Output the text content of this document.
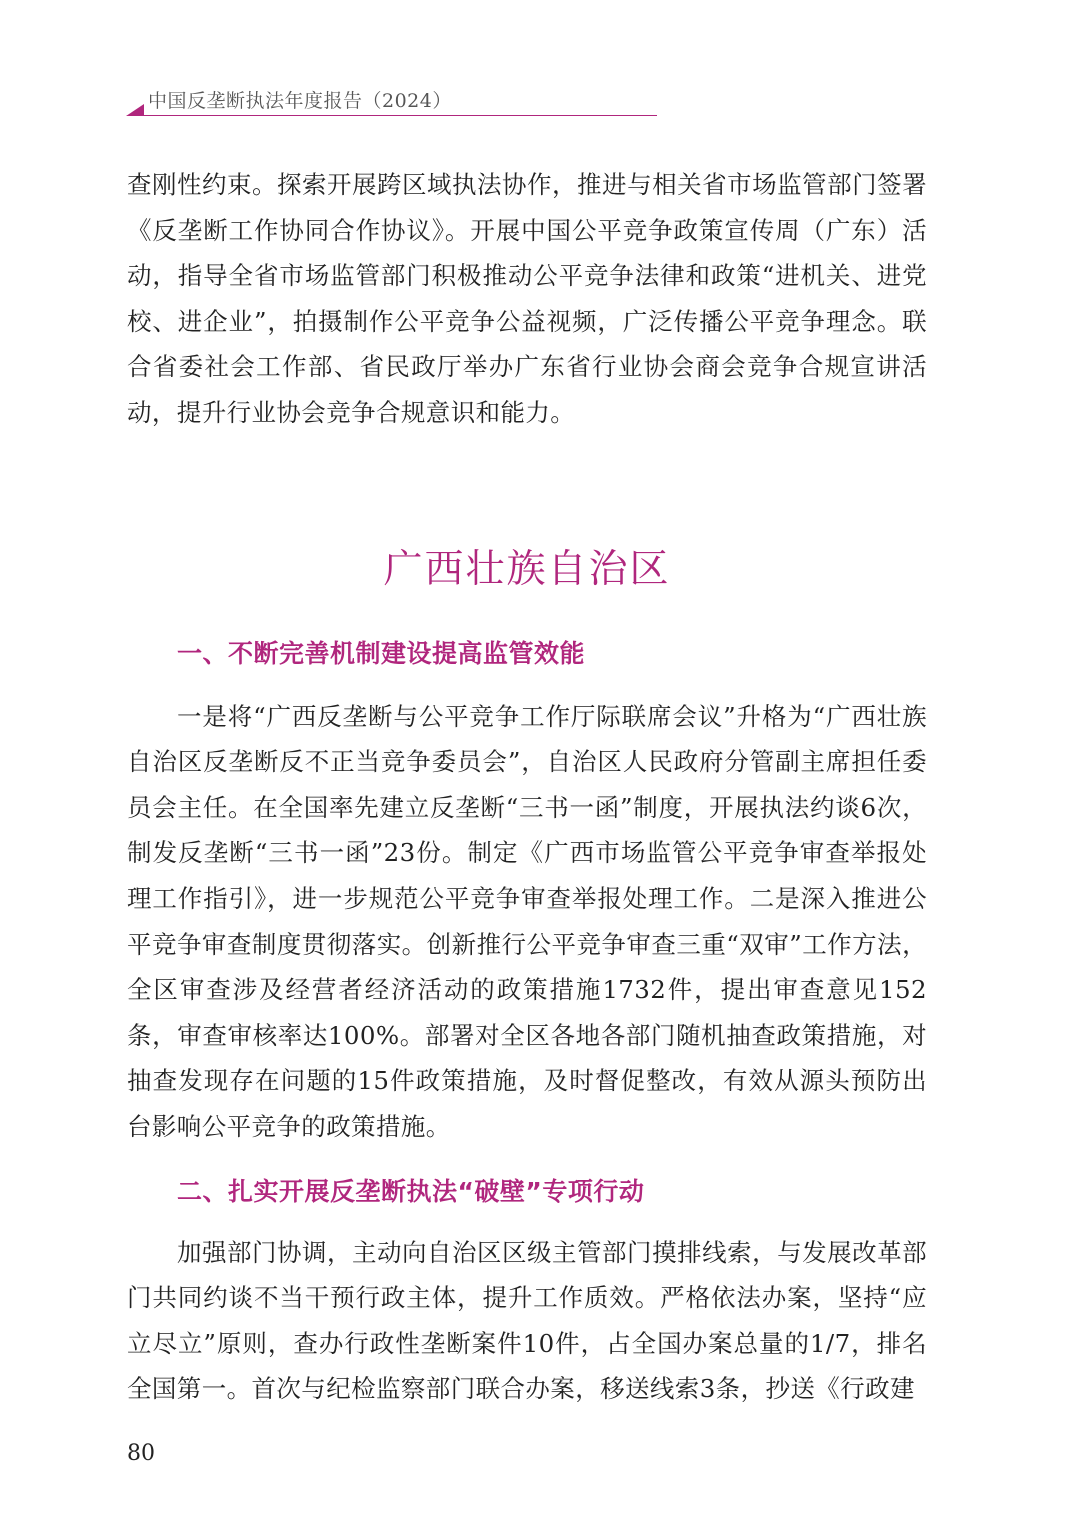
中国反垄断执法年度报告（2024）

查刚性约束。探索开展跨区域执法协作，推进与相关省市场监管部门签署《反垄断工作协同合作协议》。开展中国公平竞争政策宣传周（广东）活动，指导全省市场监管部门积极推动公平竞争法律和政策“进机关、进党校、进企业”，拍摄制作公平竞争公益视频，广泛传播公平竞争理念。联合省委社会工作部、省民政厅举办广东省行业协会商会竞争合规宣讲活动，提升行业协会竞争合规意识和能力。

广西壮族自治区
一、不断完善机制建设提高监管效能

一是将“广西反垄断与公平竞争工作厅际联席会议”升格为“广西壮族自治区反垄断反不正当竞争委员会”，自治区人民政府分管副主席担任委员会主任。在全国率先建立反垄断“三书一函”制度，开展执法约谈6次，制发反垄断“三书一函”23份。制定《广西市场监管公平竞争审查举报处理工作指引》，进一步规范公平竞争审查举报处理工作。二是深入推进公平竞争审查制度贯彻落实。创新推行公平竞争审查三重“双审”工作方法，全区审查涉及经营者经济活动的政策措施1732件，提出审查意见152条，审查审核率达100%。部署对全区各地各部门随机抽查政策措施，对抽查发现存在问题的15件政策措施，及时督促整改，有效从源头预防出台影响公平竞争的政策措施。

二、扎实开展反垄断执法“破壁”专项行动

加强部门协调，主动向自治区区级主管部门摸排线索，与发展改革部门共同约谈不当干预行政主体，提升工作质效。严格依法办案，坚持“应立尽立”原则，查办行政性垄断案件10件，占全国办案总量的1/7，排名全国第一。首次与纪检监察部门联合办案，移送线索3条，抄送《行政建

80
